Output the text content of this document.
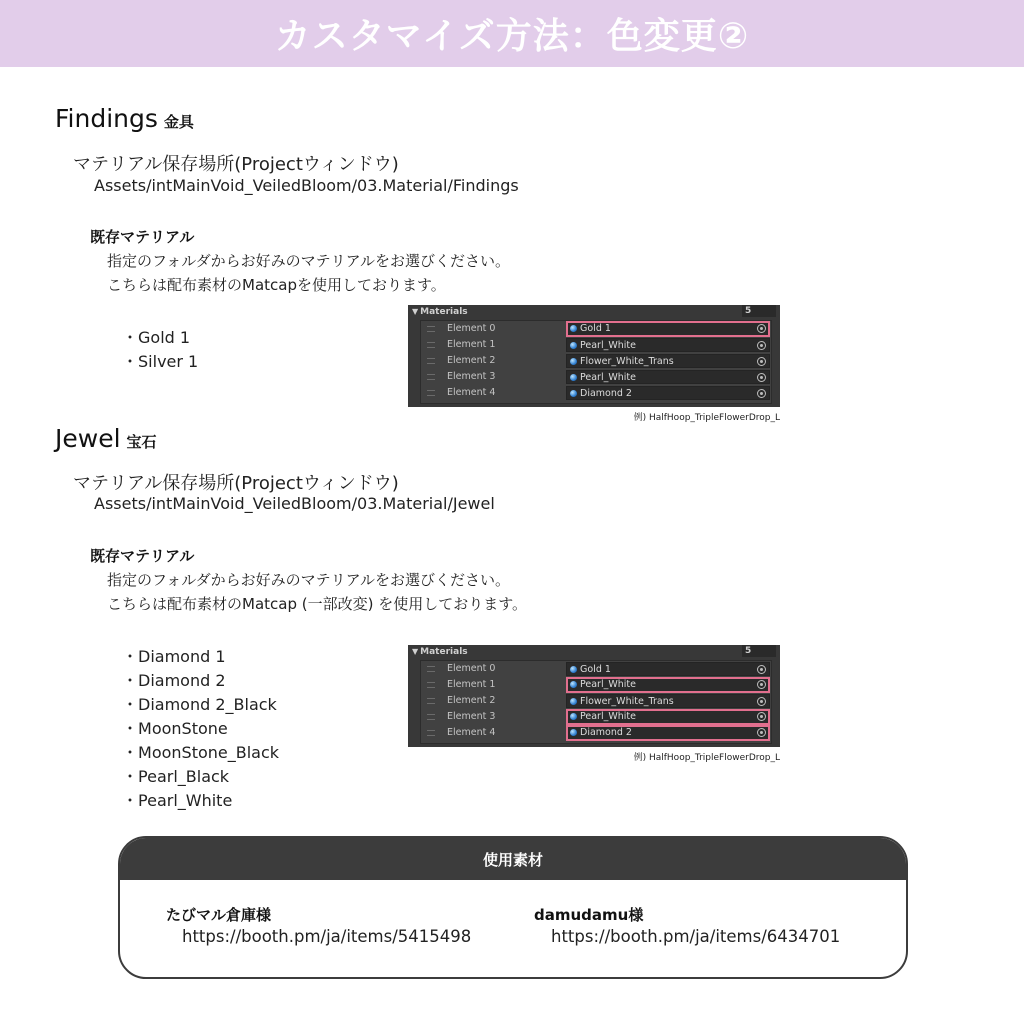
カスタマイズ方法：色変更②
Findings 金具
マテリアル保存場所(Projectウィンドウ)
Assets/intMainVoid_VeiledBloom/03.Material/Findings
既存マテリアル
指定のフォルダからお好みのマテリアルをお選びください。
こちらは配布素材のMatcapを使用しております。
・ Gold 1
・ Silver 1
▼ Materials	5
Element 0	Gold 1
Element 1	Pearl_White
Element 2	Flower_White_Trans
Element 3	Pearl_White
Element 4	Diamond 2
例) HalfHoop_TripleFlowerDrop_L
Jewel 宝石
マテリアル保存場所(Projectウィンドウ)
Assets/intMainVoid_VeiledBloom/03.Material/Jewel
既存マテリアル
指定のフォルダからお好みのマテリアルをお選びください。
こちらは配布素材のMatcap (一部改変) を使用しております。
・ Diamond 1
・ Diamond 2
・ Diamond 2_Black
・ MoonStone
・ MoonStone_Black
・ Pearl_Black
・ Pearl_White
▼ Materials	5
Element 0	Gold 1
Element 1	Pearl_White
Element 2	Flower_White_Trans
Element 3	Pearl_White
Element 4	Diamond 2
例) HalfHoop_TripleFlowerDrop_L
使用素材
たびマル倉庫様
https://booth.pm/ja/items/5415498
damudamu様
https://booth.pm/ja/items/6434701
